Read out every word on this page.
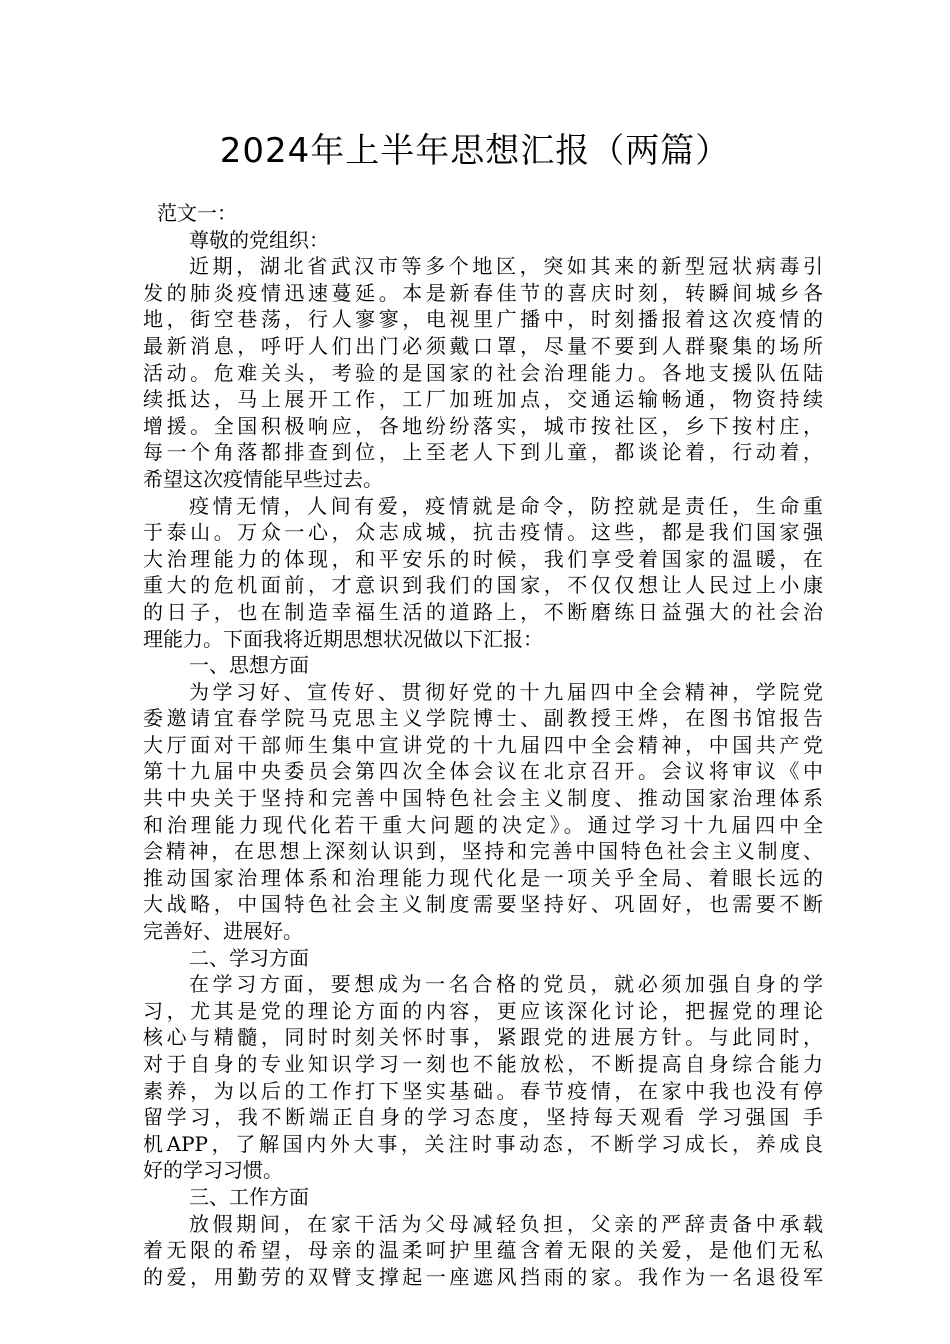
2024年上半年思想汇报（两篇）
范文一：
尊敬的党组织：
近期，湖北省武汉市等多个地区，突如其来的新型冠状病毒引
发的肺炎疫情迅速蔓延。本是新春佳节的喜庆时刻，转瞬间城乡各
地，街空巷荡，行人寥寥，电视里广播中，时刻播报着这次疫情的
最新消息，呼吁人们出门必须戴口罩，尽量不要到人群聚集的场所
活动。危难关头，考验的是国家的社会治理能力。各地支援队伍陆
续抵达，马上展开工作，工厂加班加点，交通运输畅通，物资持续
增援。全国积极响应，各地纷纷落实，城市按社区，乡下按村庄，
每一个角落都排查到位，上至老人下到儿童，都谈论着，行动着，
希望这次疫情能早些过去。
疫情无情，人间有爱，疫情就是命令，防控就是责任，生命重
于泰山。万众一心，众志成城，抗击疫情。这些，都是我们国家强
大治理能力的体现，和平安乐的时候，我们享受着国家的温暖，在
重大的危机面前，才意识到我们的国家，不仅仅想让人民过上小康
的日子，也在制造幸福生活的道路上，不断磨练日益强大的社会治
理能力。下面我将近期思想状况做以下汇报：
一、思想方面
为学习好、宣传好、贯彻好党的十九届四中全会精神，学院党
委邀请宜春学院马克思主义学院博士、副教授王烨，在图书馆报告
大厅面对干部师生集中宣讲党的十九届四中全会精神，中国共产党
第十九届中央委员会第四次全体会议在北京召开。会议将审议《中
共中央关于坚持和完善中国特色社会主义制度、推动国家治理体系
和治理能力现代化若干重大问题的决定》。通过学习十九届四中全
会精神，在思想上深刻认识到，坚持和完善中国特色社会主义制度、
推动国家治理体系和治理能力现代化是一项关乎全局、着眼长远的
大战略，中国特色社会主义制度需要坚持好、巩固好，也需要不断
完善好、进展好。
二、学习方面
在学习方面，要想成为一名合格的党员，就必须加强自身的学
习，尤其是党的理论方面的内容，更应该深化讨论，把握党的理论
核心与精髓，同时时刻关怀时事，紧跟党的进展方针。与此同时，
对于自身的专业知识学习一刻也不能放松，不断提高自身综合能力
素养，为以后的工作打下坚实基础。春节疫情，在家中我也没有停
留学习，我不断端正自身的学习态度，坚持每天观看 学习强国 手
机APP，了解国内外大事，关注时事动态，不断学习成长，养成良
好的学习习惯。
三、工作方面
放假期间，在家干活为父母减轻负担，父亲的严辞责备中承载
着无限的希望，母亲的温柔呵护里蕴含着无限的关爱，是他们无私
的爱，用勤劳的双臂支撑起一座遮风挡雨的家。我作为一名退役军
